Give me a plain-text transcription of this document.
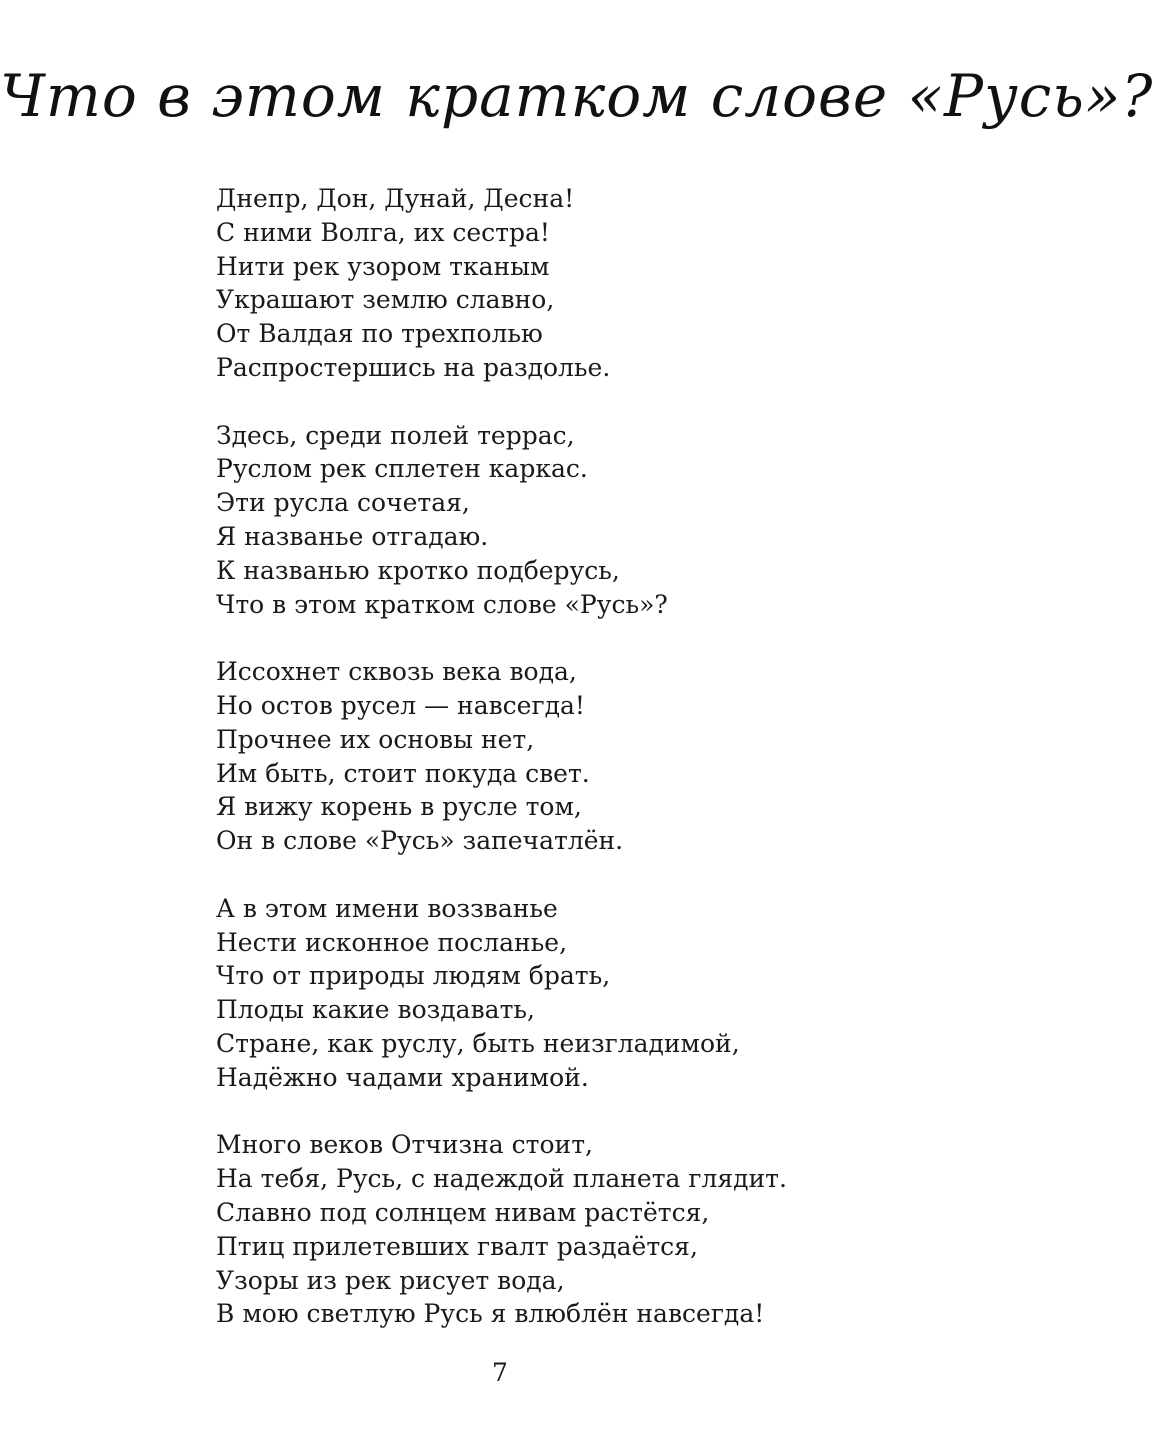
Что в этом кратком слове «Русь»?
Днепр, Дон, Дунай, Десна!
С ними Волга, их сестра!
Нити рек узором тканым
Украшают землю славно,
От Валдая по трехполью
Распростершись на раздолье.
Здесь, среди полей террас,
Руслом рек сплетен каркас.
Эти русла сочетая,
Я названье отгадаю.
К названью кротко подберусь,
Что в этом кратком слове «Русь»?
Иссохнет сквозь века вода,
Но остов русел — навсегда!
Прочнее их основы нет,
Им быть, стоит покуда свет.
Я вижу корень в русле том,
Он в слове «Русь» запечатлён.
А в этом имени воззванье
Нести исконное посланье,
Что от природы людям брать,
Плоды какие воздавать,
Стране, как руслу, быть неизгладимой,
Надёжно чадами хранимой.
Много веков Отчизна стоит,
На тебя, Русь, с надеждой планета глядит.
Славно под солнцем нивам растётся,
Птиц прилетевших гвалт раздаётся,
Узоры из рек рисует вода,
В мою светлую Русь я влюблён навсегда!
7
